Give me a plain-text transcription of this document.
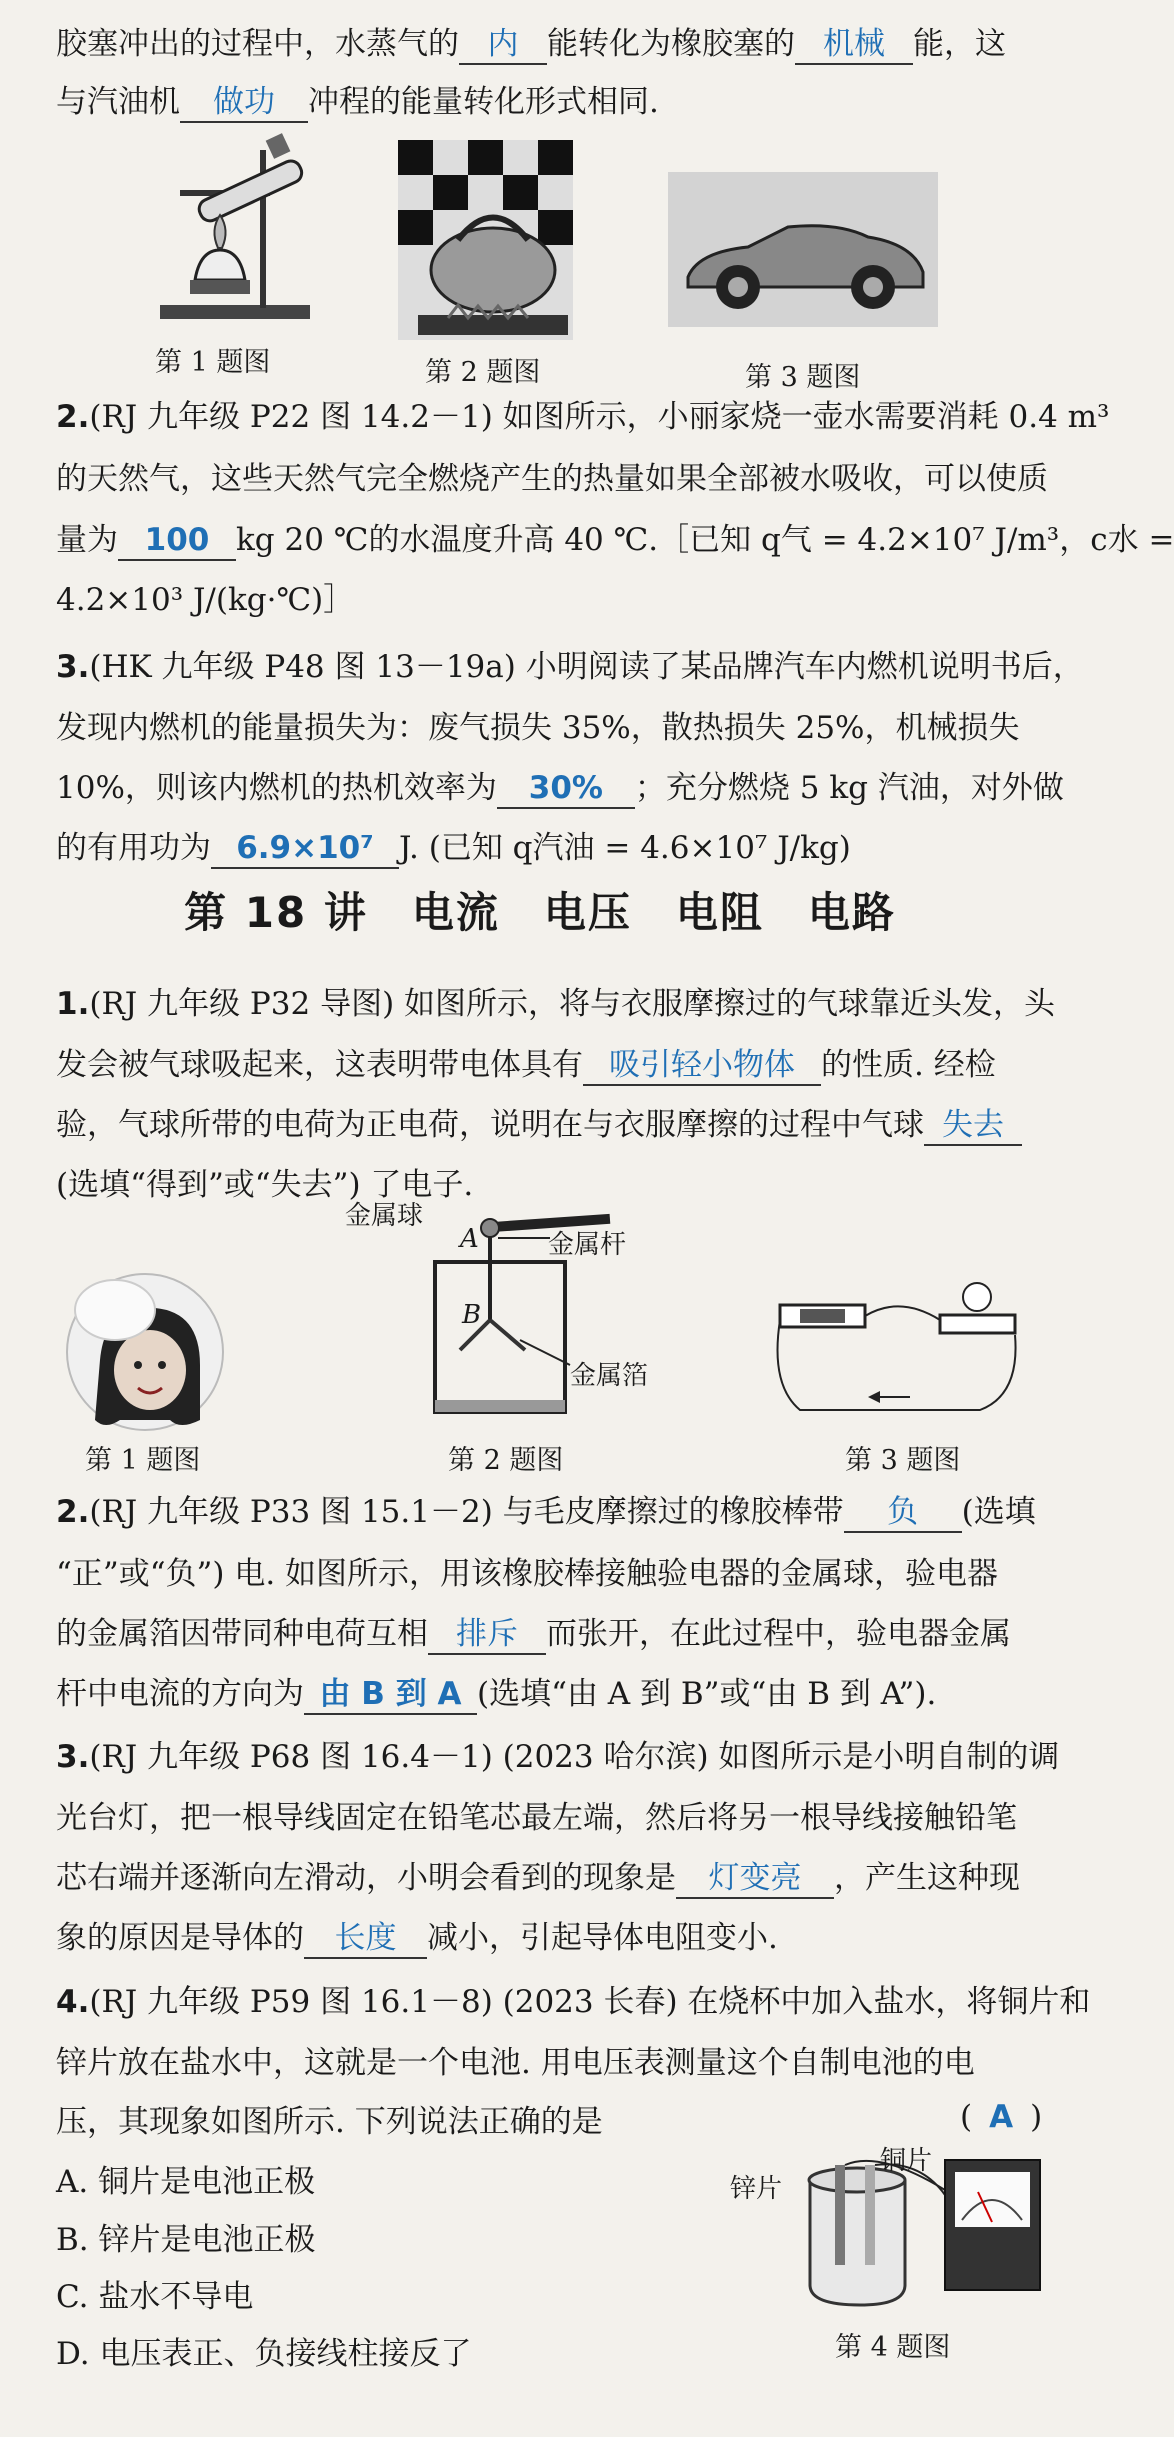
胶塞冲出的过程中，水蒸气的 内 能转化为橡胶塞的 机械 能，这
与汽油机 做功 冲程的能量转化形式相同.
第 1 题图	第 2 题图	第 3 题图
2.(RJ 九年级 P22 图 14.2－1) 如图所示，小丽家烧一壶水需要消耗 0.4 m³
的天然气，这些天然气完全燃烧产生的热量如果全部被水吸收，可以使质
量为 100 kg 20 ℃的水温度升高 40 ℃.［已知 q气 = 4.2×10⁷ J/m³，c水 =
4.2×10³ J/(kg·℃)］
3.(HK 九年级 P48 图 13－19a) 小明阅读了某品牌汽车内燃机说明书后，
发现内燃机的能量损失为：废气损失 35%，散热损失 25%，机械损失
10%，则该内燃机的热机效率为 30% ；充分燃烧 5 kg 汽油，对外做
的有用功为 6.9×10⁷ J. (已知 q汽油 = 4.6×10⁷ J/kg)
第 18 讲　电流　电压　电阻　电路
1.(RJ 九年级 P32 导图) 如图所示，将与衣服摩擦过的气球靠近头发，头
发会被气球吸起来，这表明带电体具有 吸引轻小物体 的性质. 经检
验，气球所带的电荷为正电荷，说明在与衣服摩擦的过程中气球 失去
(选填“得到”或“失去”) 了电子.
金属球
A	金属杆
B
金属箔
第 1 题图	第 2 题图	第 3 题图
2.(RJ 九年级 P33 图 15.1－2) 与毛皮摩擦过的橡胶棒带 负 (选填
“正”或“负”) 电. 如图所示，用该橡胶棒接触验电器的金属球，验电器
的金属箔因带同种电荷互相 排斥 而张开，在此过程中，验电器金属
杆中电流的方向为 由 B 到 A (选填“由 A 到 B”或“由 B 到 A”).
3.(RJ 九年级 P68 图 16.4－1) (2023 哈尔滨) 如图所示是小明自制的调
光台灯，把一根导线固定在铅笔芯最左端，然后将另一根导线接触铅笔
芯右端并逐渐向左滑动，小明会看到的现象是 灯变亮 ，产生这种现
象的原因是导体的 长度 减小，引起导体电阻变小.
4.(RJ 九年级 P59 图 16.1－8) (2023 长春) 在烧杯中加入盐水，将铜片和
锌片放在盐水中，这就是一个电池. 用电压表测量这个自制电池的电
压，其现象如图所示. 下列说法正确的是	( A )
A. 铜片是电池正极
B. 锌片是电池正极
C. 盐水不导电
D. 电压表正、负接线柱接反了
锌片
铜片
第 4 题图
